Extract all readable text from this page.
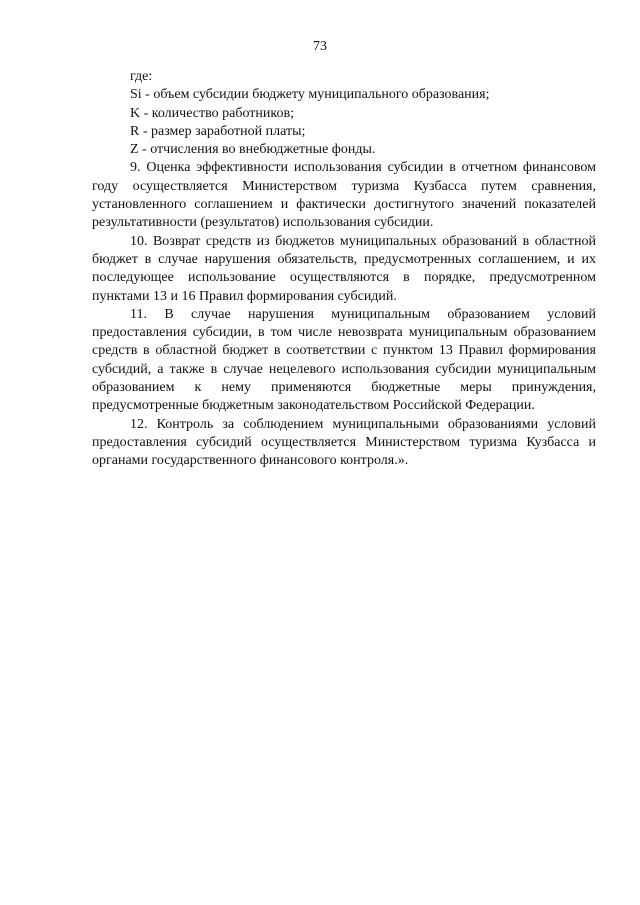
73

где:

Si - объем субсидии бюджету муниципального образования;

K - количество работников;

R - размер заработной платы;

Z - отчисления во внебюджетные фонды.

9. Оценка эффективности использования субсидии в отчетном финансовом году осуществляется Министерством туризма Кузбасса путем сравнения, установленного соглашением и фактически достигнутого значений показателей результативности (результатов) использования субсидии.

10. Возврат средств из бюджетов муниципальных образований в областной бюджет в случае нарушения обязательств, предусмотренных соглашением, и их последующее использование осуществляются в порядке, предусмотренном пунктами 13 и 16 Правил формирования субсидий.

11. В случае нарушения муниципальным образованием условий предоставления субсидии, в том числе невозврата муниципальным образованием средств в областной бюджет в соответствии с пунктом 13 Правил формирования субсидий, а также в случае нецелевого использования субсидии муниципальным образованием к нему применяются бюджетные меры принуждения, предусмотренные бюджетным законодательством Российской Федерации.

12. Контроль за соблюдением муниципальными образованиями условий предоставления субсидий осуществляется Министерством туризма Кузбасса и органами государственного финансового контроля.».
